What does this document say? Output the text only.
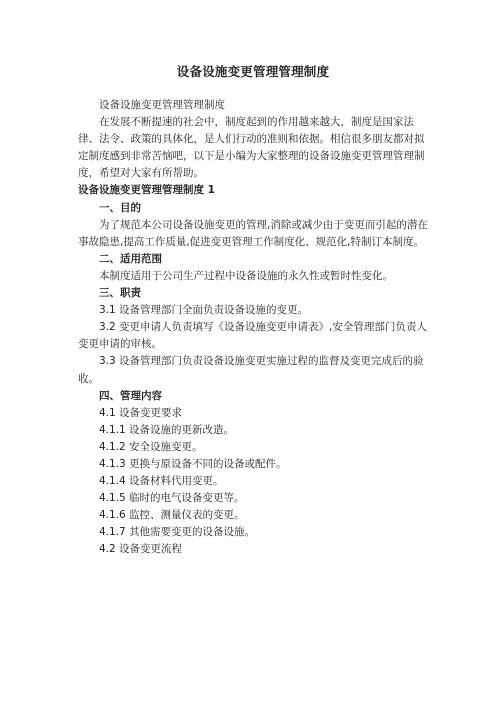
设备设施变更管理管理制度

设备设施变更管理管理制度

在发展不断提速的社会中，制度起到的作用越来越大，制度是国家法律、法令、政策的具体化，是人们行动的准则和依据。相信很多朋友都对拟定制度感到非常苦恼吧，以下是小编为大家整理的设备设施变更管理管理制度，希望对大家有所帮助。

设备设施变更管理管理制度 1

一、目的

为了规范本公司设备设施变更的管理,消除或减少由于变更而引起的潜在事故隐患,提高工作质量,促进变更管理工作制度化、规范化,特制订本制度。

二、适用范围

本制度适用于公司生产过程中设备设施的永久性或暂时性变化。

三、职责

3.1 设备管理部门全面负责设备设施的变更。

3.2 变更申请人负责填写《设备设施变更申请表》,安全管理部门负责人变更申请的审核。

3.3 设备管理部门负责设备设施变更实施过程的监督及变更完成后的验收。

四、管理内容

4.1 设备变更要求

4.1.1 设备设施的更新改造。

4.1.2 安全设施变更。

4.1.3 更换与原设备不同的设备或配件。

4.1.4 设备材料代用变更。

4.1.5 临时的电气设备变更等。

4.1.6 监控、测量仪表的变更。

4.1.7 其他需要变更的设备设施。

4.2 设备变更流程
